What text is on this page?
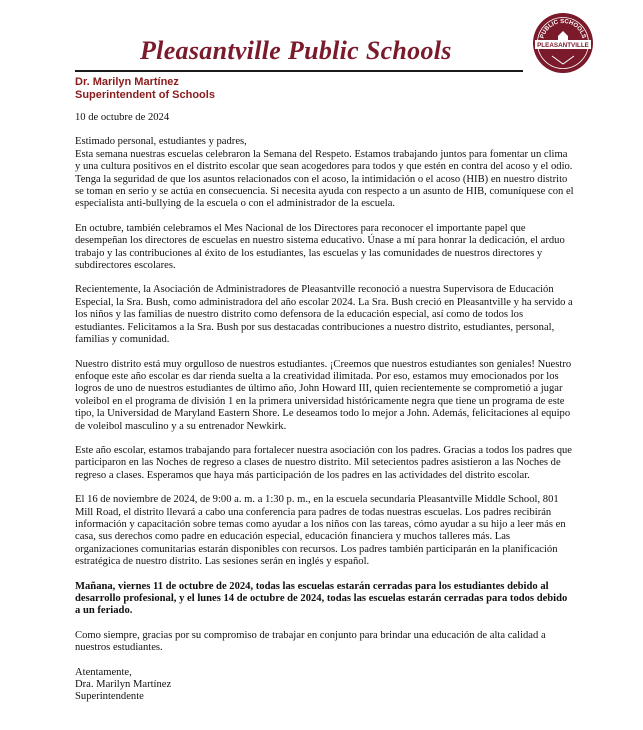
Pleasantville Public Schools	PUBLIC SCHOOLS
PLEASANTVILLE
Dr. Marilyn Martínez
Superintendent of Schools

10 de octubre de 2024

Estimado personal, estudiantes y padres,

Esta semana nuestras escuelas celebraron la Semana del Respeto. Estamos trabajando juntos para fomentar un clima y una cultura positivos en el distrito escolar que sean acogedores para todos y que estén en contra del acoso y el odio. Tenga la seguridad de que los asuntos relacionados con el acoso, la intimidación o el acoso (HIB) en nuestro distrito se toman en serio y se actúa en consecuencia. Si necesita ayuda con respecto a un asunto de HIB, comuníquese con el especialista anti-bullying de la escuela o con el administrador de la escuela.

En octubre, también celebramos el Mes Nacional de los Directores para reconocer el importante papel que desempeñan los directores de escuelas en nuestro sistema educativo. Únase a mí para honrar la dedicación, el arduo trabajo y las contribuciones al éxito de los estudiantes, las escuelas y las comunidades de nuestros directores y subdirectores escolares.

Recientemente, la Asociación de Administradores de Pleasantville reconoció a nuestra Supervisora de Educación Especial, la Sra. Bush, como administradora del año escolar 2024. La Sra. Bush creció en Pleasantville y ha servido a los niños y las familias de nuestro distrito como defensora de la educación especial, así como de todos los estudiantes. Felicitamos a la Sra. Bush por sus destacadas contribuciones a nuestro distrito, estudiantes, personal, familias y comunidad.

Nuestro distrito está muy orgulloso de nuestros estudiantes. ¡Creemos que nuestros estudiantes son geniales! Nuestro enfoque este año escolar es dar rienda suelta a la creatividad ilimitada. Por eso, estamos muy emocionados por los logros de uno de nuestros estudiantes de último año, John Howard III, quien recientemente se comprometió a jugar voleibol en el programa de división 1 en la primera universidad históricamente negra que tiene un programa de este tipo, la Universidad de Maryland Eastern Shore. Le deseamos todo lo mejor a John. Además, felicitaciones al equipo de voleibol masculino y a su entrenador Newkirk.

Este año escolar, estamos trabajando para fortalecer nuestra asociación con los padres. Gracias a todos los padres que participaron en las Noches de regreso a clases de nuestro distrito. Mil setecientos padres asistieron a las Noches de regreso a clases. Esperamos que haya más participación de los padres en las actividades del distrito escolar.

El 16 de noviembre de 2024, de 9:00 a. m. a 1:30 p. m., en la escuela secundaria Pleasantville Middle School, 801 Mill Road, el distrito llevará a cabo una conferencia para padres de todas nuestras escuelas. Los padres recibirán información y capacitación sobre temas como ayudar a los niños con las tareas, cómo ayudar a su hijo a leer más en casa, sus derechos como padre en educación especial, educación financiera y muchos talleres más. Las organizaciones comunitarias estarán disponibles con recursos. Los padres también participarán en la planificación estratégica de nuestro distrito. Las sesiones serán en inglés y español.

Mañana, viernes 11 de octubre de 2024, todas las escuelas estarán cerradas para los estudiantes debido al desarrollo profesional, y el lunes 14 de octubre de 2024, todas las escuelas estarán cerradas para todos debido a un feriado.

Como siempre, gracias por su compromiso de trabajar en conjunto para brindar una educación de alta calidad a nuestros estudiantes.

Atentamente,

Dra. Marilyn Martínez

Superintendente
